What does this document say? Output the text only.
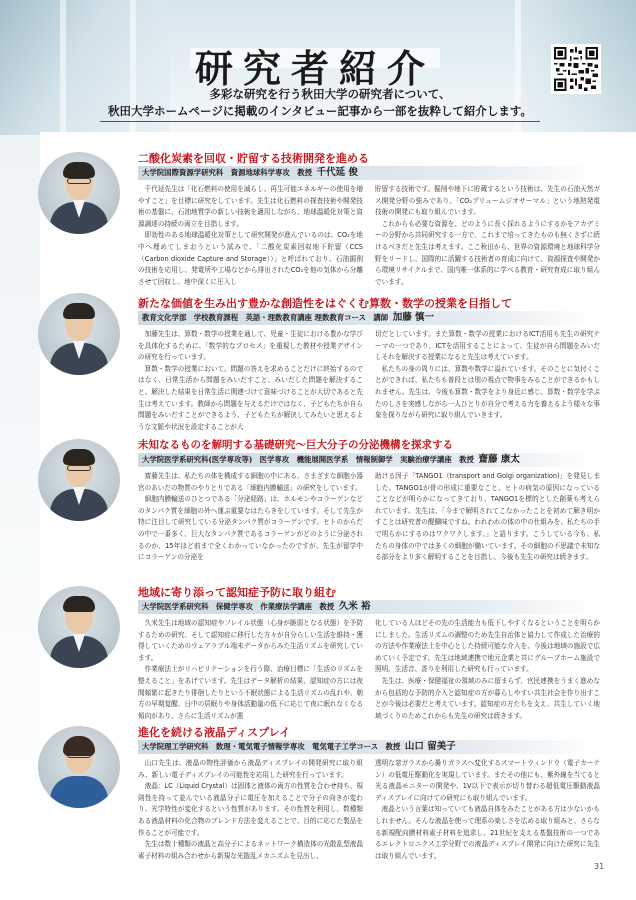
研究者紹介
多彩な研究を行う秋田大学の研究者について、
秋田大学ホームページに掲載のインタビュー記事から一部を抜粋して紹介します。
二酸化炭素を回収・貯留する技術開発を進める
大学院国際資源学研究科　資源地球科学専攻　教授 千代延 俊

千代延先生は「化石燃料の使用を減らし、再生可能エネルギーの使用を増やすこと」を目標に研究をしています。先生は化石燃料の探査技術や開発技術の基盤に、石油地質学の新しい技術を適用しながら、地球温暖化対策と資源調達の持続の両立を目指します。

即効性のある地球温暖化対策として研究開発が進んでいるのは、CO₂を地中へ埋めてしまおうという試みで、「二酸化炭素回収地下貯留（CCS（Carbon dioxide Capture and Storage））」と呼ばれており、石油掘削の技術を応用し、発電所や工場などから排出されたCO₂を他の気体から分離させて回収し、地中深くに圧入し

貯留する技術です。掘削や地下に貯蔵するという技術は、先生の石油天然ガス開発分野の強みであり、「CO₂プリュームジオサーマル」という地熱発電技術の開発にも取り組んでいます。

これからも必要な資源を、どのように長く採れるようにするかをアカデミーの分野から共同研究する一方で、これまで培ってきたものも無くさずに続けるべきだと先生は考えます。ここ秋田から、世界の資源環境と地球科学分野をリードし、国際的に活躍する技術者の育成に向けて、資源探査や開発から環境リサイクルまで、国内唯一体系的に学べる教育・研究育成に取り組んでいます。

新たな価値を生み出す豊かな創造性をはぐくむ算数・数学の授業を目指して
教育文化学部　学校教育課程　英語・理数教育講座 理数教育コース　講師 加藤 慎一

加藤先生は、算数・数学の授業を通して、児童・生徒における豊かな学びを具体化するために、「数学的なプロセス」を重視した教材や授業デザインの研究を行っています。

算数・数学の授業において、問題の答えを求めることだけに終始するのではなく、日常生活から問題をみいだすこと、みいだした問題を解決すること、解決した結果を日常生活に関連づけて意味づけることが大切であると先生は考えています。教師から問題を与えるだけではなく、子どもたちが自ら問題をみいだすことができるよう、子どもたちが解決してみたいと思えるような文脈や状況を設定することが大

切だとしています。また算数・数学の授業におけるICT活用も先生の研究テーマの一つであり、ICTを活用することによって、生徒が自ら問題をみいだしそれを解決する授業になると先生は考えています。

私たちの身の周りには、算数や数学に溢れています。そのことに気付くことができれば、私たちも普段とは別の視点で物事をみることができるかもしれません。先生は、今後も算数・数学をより身近に感じ、算数・数学を学ぶたのしさを実感しながら一人ひとりが自分で考える力を養えるよう様々な事象を探りながら研究に取り組んでいきます。

未知なるものを解明する基礎研究〜巨大分子の分泌機構を探求する
大学院医学系研究科(医学専攻等)　医学専攻　機能展開医学系　情報制御学　実験治療学講座　教授 齋藤 康太

齋藤先生は、私たちの体を構成する細胞の中にある、さまざまな細胞小器官のあいだの物質のやりとりである「細胞内膜輸送」の研究をしています。

細胞内膜輸送のひとつである「分泌経路」は、ホルモンやコラーゲンなどのタンパク質を細胞の外へ運ぶ重要なはたらきをしています。そして先生が特に注目して研究している分泌タンパク質がコラーゲンです。ヒトのからだの中で一番多く、巨大なタンパク質であるコラーゲンがどのように分泌されるのか、15年ほど前まで全くわかっていなかったのですが、先生が留学中にコラーゲンの分泌を

助ける因子「TANGO1（transport and Golgi organization)」を発見しました。TANGO1が骨の形成に重要なこと、ヒトの病気の原因になっていることなどが明らかになってきており、TANGO1を標的とした創薬も考えられています。先生は、「今まで解明されてこなかったことを初めて解き明かすことは研究者の醍醐味ですね。われわれの体の中の仕組みを、私たちの手で明らかにするのはワクワクします。」と語ります。こうしている今も、私たちの身体の中では多くの細胞が働いています。その細胞の不思議で未知なる部分をより多く解明することを目指し、今後も先生の研究は続きます。

地域に寄り添って認知症予防に取り組む
大学院医学系研究科　保健学専攻　作業療法学講座　教授 久米 裕

久米先生は地域の認知症やフレイル状態（心身が脆弱となる状態）を予防するための研究、そして認知症に移行した方々が自分らしい生活を維持・獲得していくためのウェアラブル端末データからみた生活リズムを研究しています。

作業療法士がリハビリテーションを行う際、治療目標に「生活のリズムを整えること」をあげています。先生はデータ解析の結果、認知症の方には夜間頻繁に起きたり徘徊したりという不眠状態による生活リズムの乱れや、朝方の早期覚醒、日中の居眠りや身体活動量の低下に応じて夜に眠れなくなる傾向があり、さらに生活リズムが悪

化している人ほどその先の生活能力も低下しやすくなるということを明らかにしました。生活リズムの調整のため先生自治体と協力して作成した治療的の方法や作業療法士を中心とした持続可能な介入を、今後は地域の施設で広めていく予定です。先生は地域連携で地元企業と共にグループホーム施設で照明、生活音、香りを利用した研究も行っています。

先生は、医療・保健福祉の領域のみに留まらず、官民連携をうまく進めながら包括的な予防的介入と認知症の方が暮らしやすい共生社会を作り出すことが今後は必要だと考えています。認知症の方たちを支え、共生していく地域づくりのためこれからも先生の研究は続きます。

進化を続ける液晶ディスプレイ
大学院理工学研究科　数理・電気電子情報学専攻　電気電子工学コース　教授 山口 留美子

山口先生は、液晶の物性評価から液晶ディスプレイの開発研究に取り組み、新しい電子ディスプレイの可能性を応用した研究を行っています。

液晶：LC（Liquid Crystal）は固体と液体の両方の性質を合わせ持ち、規則性を持って並んでいる液晶分子に電圧を加えることで分子の向きが変わり、光学特性が変化するという性質があります。その性質を利用し、数種類ある液晶材料の化合物のブレンド方法を変えることで、目的に応じた製品を作ることが可能です。

先生は数十種類の液晶と高分子によるネットワーク構造体の光散乱型液晶素子材料の組み合わせから新規な光散乱メカニズムを見出し、

透明な窓ガラスから曇りガラスへ変化するスマートウィンドウ（電子カーテン）の低電圧駆動化を実現しています。またその他にも、紫外線を当てると光る液晶モニターの開発や、1V以下で表示が切り替わる超低電圧駆動液晶ディスプレイに向けての研究にも取り組んでいます。

液晶という言葉は知っていても液晶自体をみたことがある方は少ないかもしれません。そんな液晶を使って理系の楽しさを広める取り組みと、さらなる新規配向膜材料素子材料を追求し、21世紀を支える基盤技術の一つであるエレクトロニクス工学分野での液晶ディスプレイ開発に向けた研究に先生は取り組んでいます。

31
